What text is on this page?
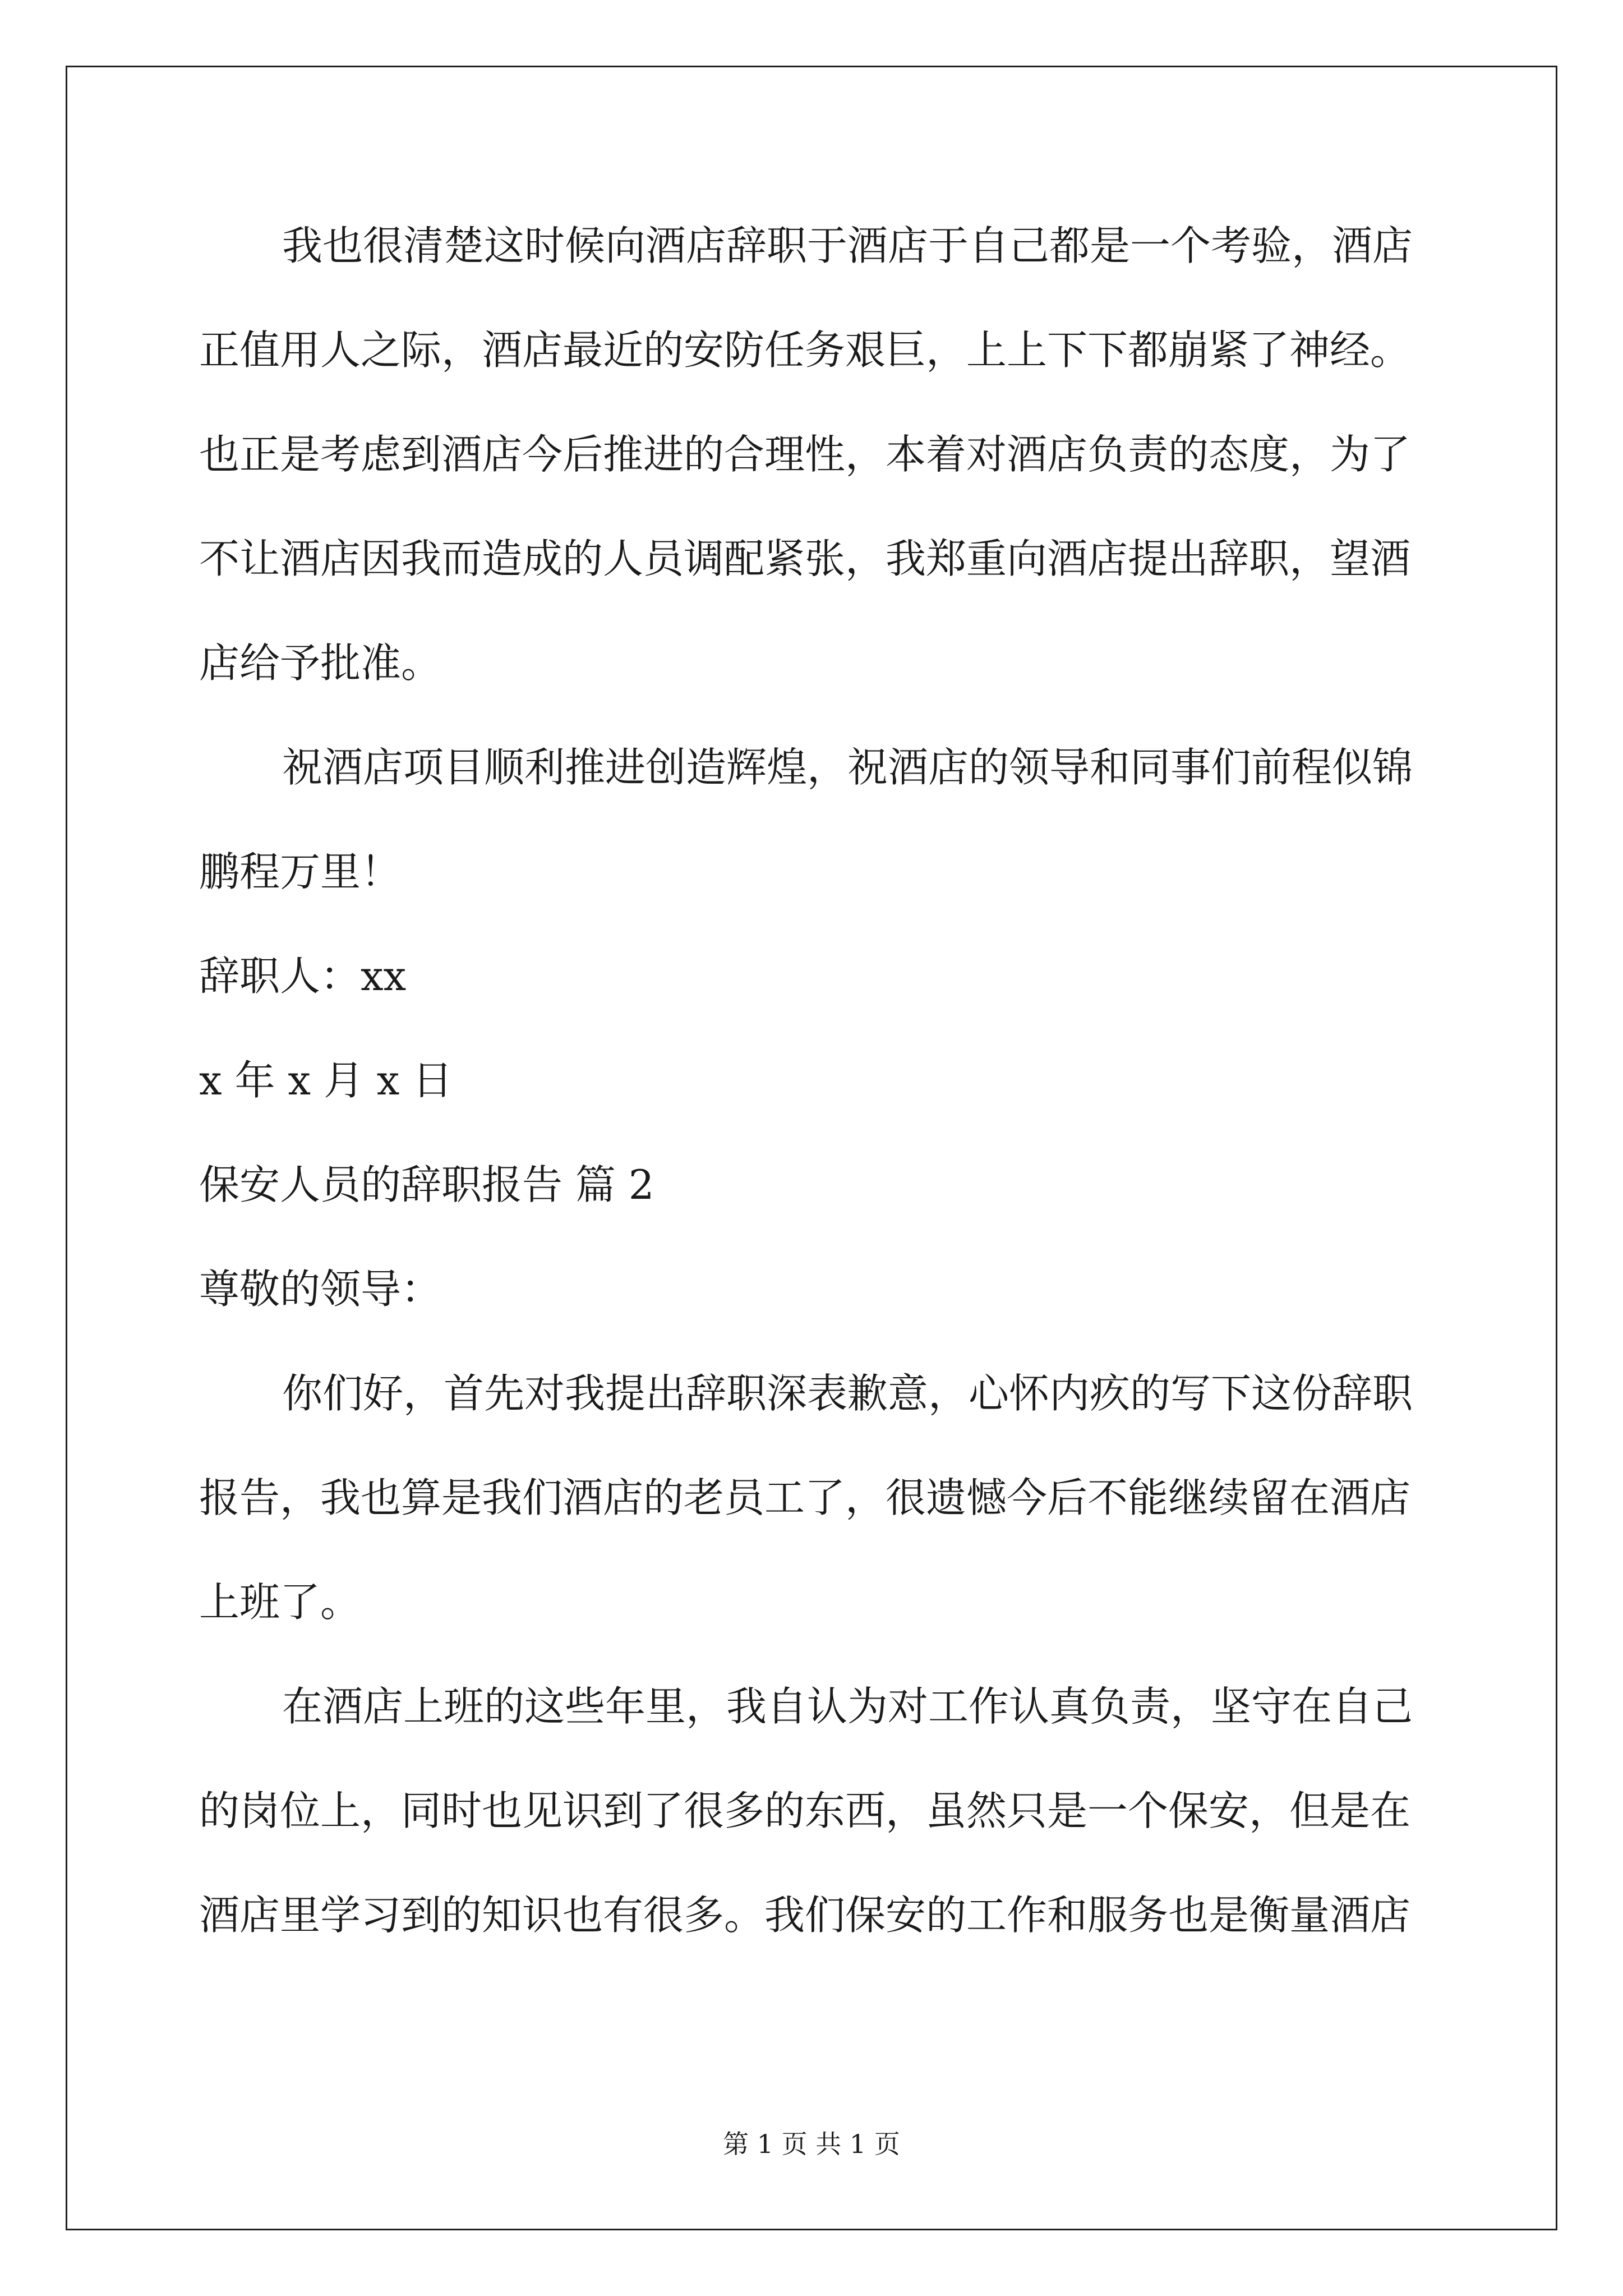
我也很清楚这时候向酒店辞职于酒店于自己都是一个考验，酒店
正值用人之际，酒店最近的安防任务艰巨，上上下下都崩紧了神经。
也正是考虑到酒店今后推进的合理性，本着对酒店负责的态度，为了
不让酒店因我而造成的人员调配紧张，我郑重向酒店提出辞职，望酒
店给予批准。
祝酒店项目顺利推进创造辉煌，祝酒店的领导和同事们前程似锦
鹏程万里！
辞职人：xx
x 年 x 月 x 日
保安人员的辞职报告 篇 2
尊敬的领导：
你们好，首先对我提出辞职深表歉意，心怀内疚的写下这份辞职
报告，我也算是我们酒店的老员工了，很遗憾今后不能继续留在酒店
上班了。
在酒店上班的这些年里，我自认为对工作认真负责，坚守在自己
的岗位上，同时也见识到了很多的东西，虽然只是一个保安，但是在
酒店里学习到的知识也有很多。我们保安的工作和服务也是衡量酒店
第 1 页 共 1 页
